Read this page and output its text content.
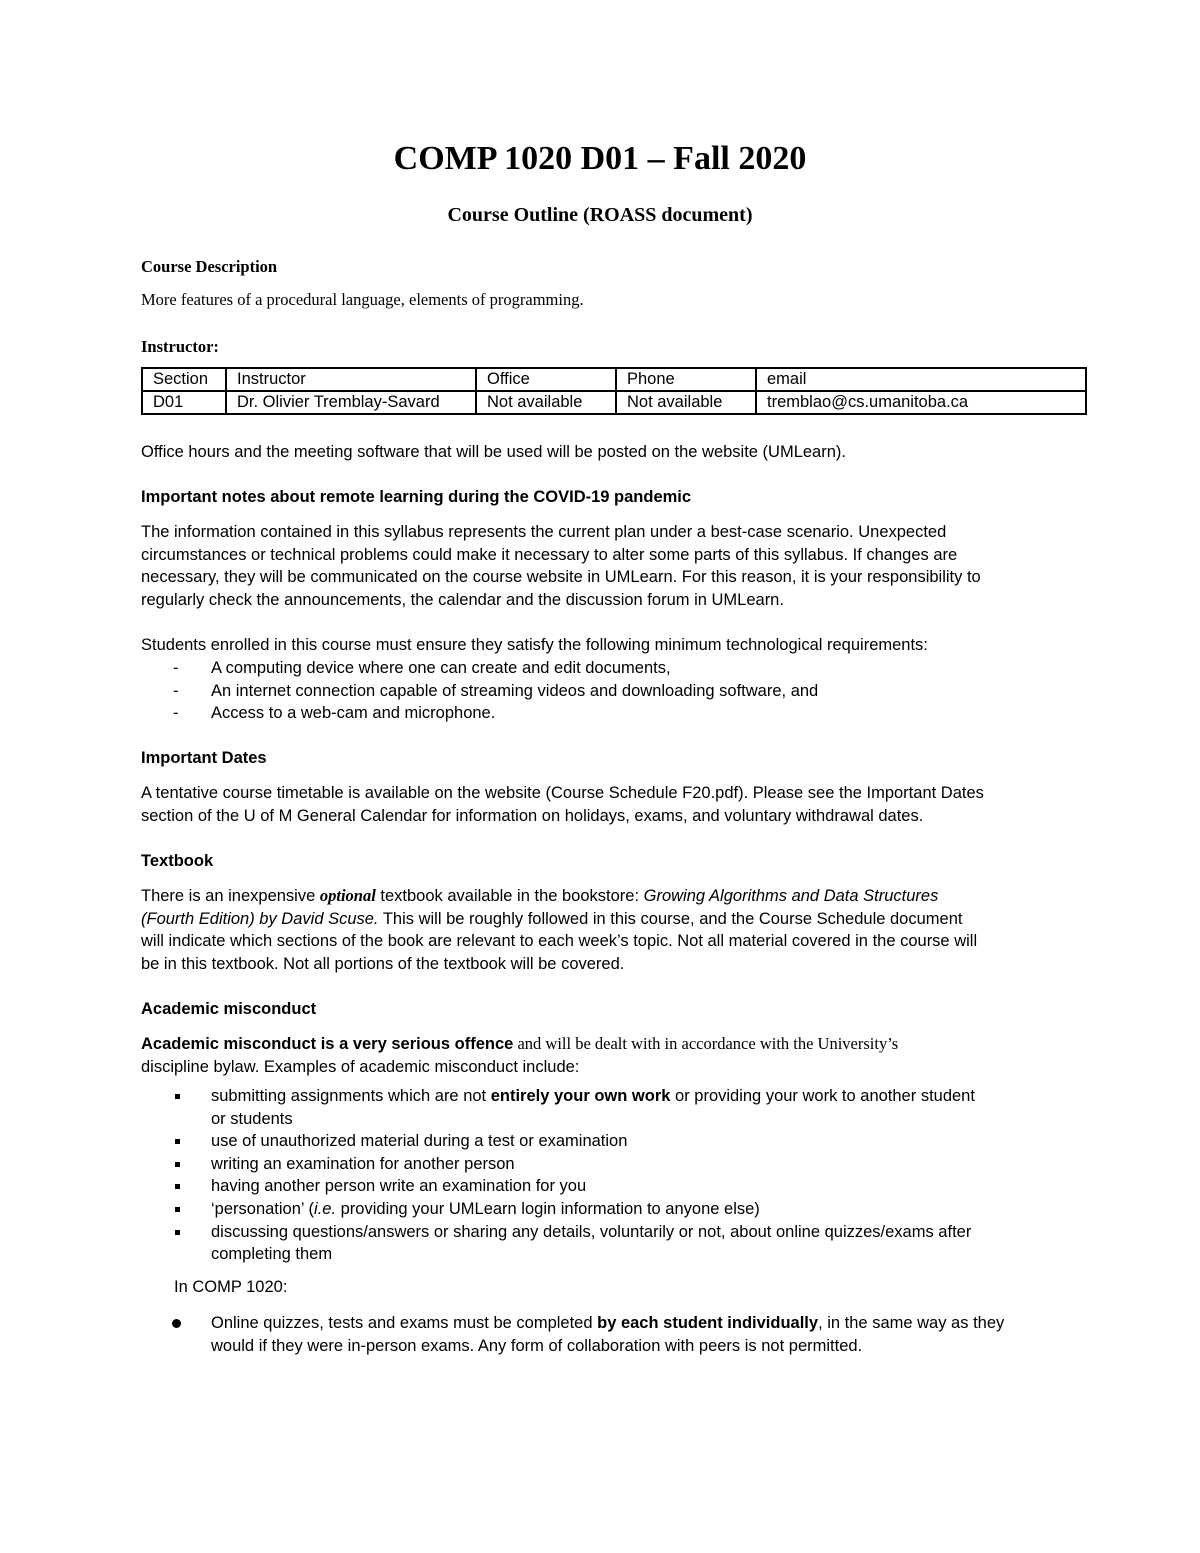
COMP 1020 D01 – Fall 2020
Course Outline (ROASS document)
Course Description
More features of a procedural language, elements of programming.
Instructor:
Section	Instructor	Office	Phone	email
D01	Dr. Olivier Tremblay-Savard	Not available	Not available	tremblao@cs.umanitoba.ca
Office hours and the meeting software that will be used will be posted on the website (UMLearn).
Important notes about remote learning during the COVID-19 pandemic
The information contained in this syllabus represents the current plan under a best-case scenario. Unexpected
circumstances or technical problems could make it necessary to alter some parts of this syllabus. If changes are
necessary, they will be communicated on the course website in UMLearn. For this reason, it is your responsibility to
regularly check the announcements, the calendar and the discussion forum in UMLearn.
Students enrolled in this course must ensure they satisfy the following minimum technological requirements:
- A computing device where one can create and edit documents,
- An internet connection capable of streaming videos and downloading software, and
- Access to a web-cam and microphone.
Important Dates
A tentative course timetable is available on the website (Course Schedule F20.pdf). Please see the Important Dates
section of the U of M General Calendar for information on holidays, exams, and voluntary withdrawal dates.
Textbook
There is an inexpensive optional textbook available in the bookstore: Growing Algorithms and Data Structures
(Fourth Edition) by David Scuse. This will be roughly followed in this course, and the Course Schedule document
will indicate which sections of the book are relevant to each week’s topic. Not all material covered in the course will
be in this textbook. Not all portions of the textbook will be covered.
Academic misconduct
Academic misconduct is a very serious offence and will be dealt with in accordance with the University’s
discipline bylaw. Examples of academic misconduct include:
submitting assignments which are not entirely your own work or providing your work to another student
or students
use of unauthorized material during a test or examination
writing an examination for another person
having another person write an examination for you
‘personation’ (i.e. providing your UMLearn login information to anyone else)
discussing questions/answers or sharing any details, voluntarily or not, about online quizzes/exams after
completing them
In COMP 1020:
Online quizzes, tests and exams must be completed by each student individually, in the same way as they
would if they were in-person exams. Any form of collaboration with peers is not permitted.
